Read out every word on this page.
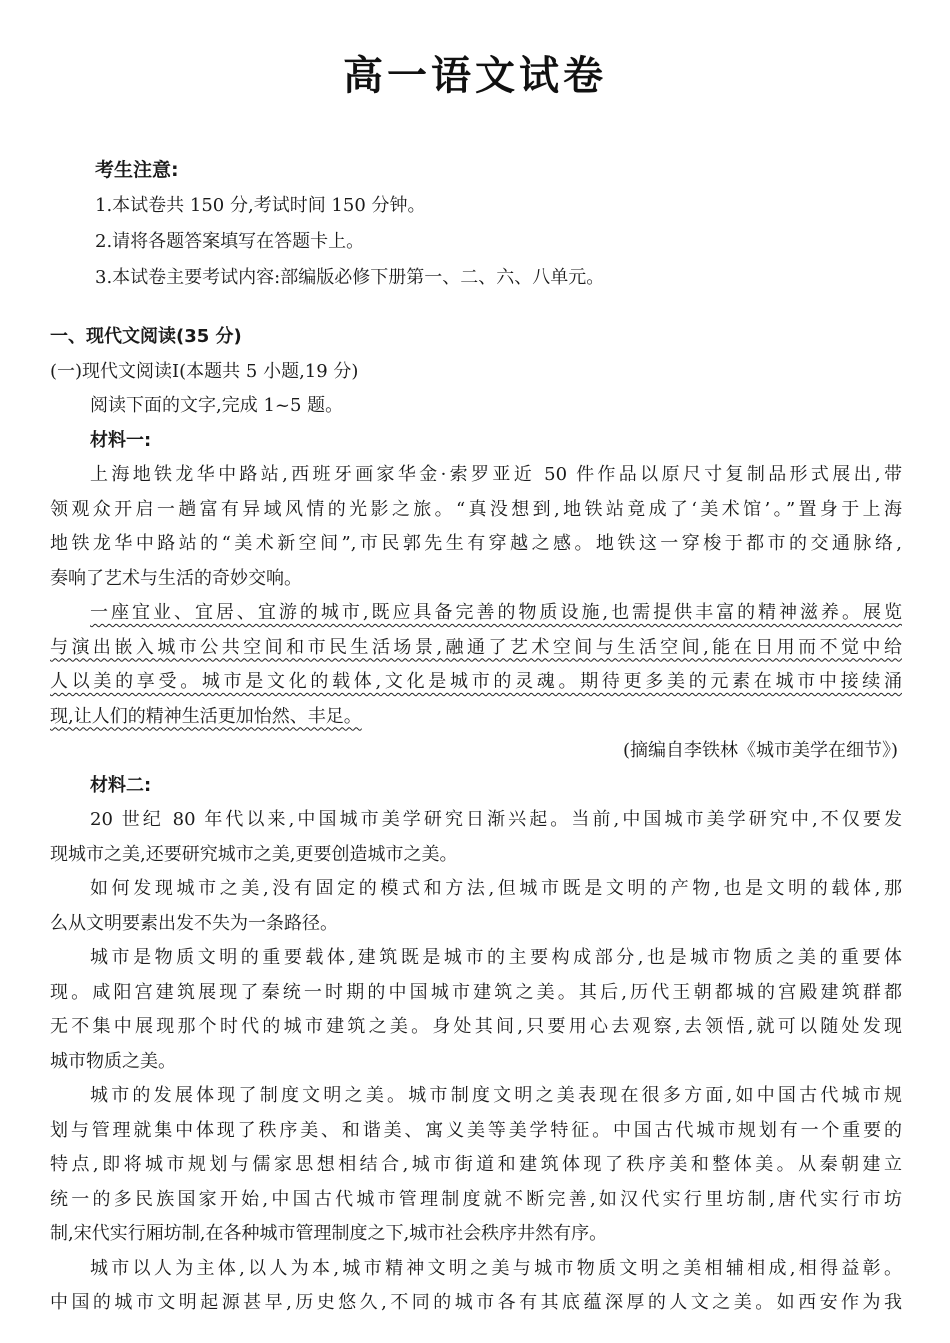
高一语文试卷
考生注意:
1.本试卷共 150 分,考试时间 150 分钟。
2.请将各题答案填写在答题卡上。
3.本试卷主要考试内容:部编版必修下册第一、二、六、八单元。
一、现代文阅读(35 分)
(一)现代文阅读Ⅰ(本题共 5 小题,19 分)
阅读下面的文字,完成 1~5 题。
材料一:
上海地铁龙华中路站,西班牙画家华金·索罗亚近 50 件作品以原尺寸复制品形式展出,带
领观众开启一趟富有异域风情的光影之旅。“真没想到,地铁站竟成了‘美术馆’。”置身于上海
地铁龙华中路站的“美术新空间”,市民郭先生有穿越之感。地铁这一穿梭于都市的交通脉络,
奏响了艺术与生活的奇妙交响。
一座宜业、宜居、宜游的城市,既应具备完善的物质设施,也需提供丰富的精神滋养。展览
与演出嵌入城市公共空间和市民生活场景,融通了艺术空间与生活空间,能在日用而不觉中给
人以美的享受。城市是文化的载体,文化是城市的灵魂。期待更多美的元素在城市中接续涌
现,让人们的精神生活更加怡然、丰足。
(摘编自李铁林《城市美学在细节》)
材料二:
20 世纪 80 年代以来,中国城市美学研究日渐兴起。当前,中国城市美学研究中,不仅要发
现城市之美,还要研究城市之美,更要创造城市之美。
如何发现城市之美,没有固定的模式和方法,但城市既是文明的产物,也是文明的载体,那
么从文明要素出发不失为一条路径。
城市是物质文明的重要载体,建筑既是城市的主要构成部分,也是城市物质之美的重要体
现。咸阳宫建筑展现了秦统一时期的中国城市建筑之美。其后,历代王朝都城的宫殿建筑群都
无不集中展现那个时代的城市建筑之美。身处其间,只要用心去观察,去领悟,就可以随处发现
城市物质之美。
城市的发展体现了制度文明之美。城市制度文明之美表现在很多方面,如中国古代城市规
划与管理就集中体现了秩序美、和谐美、寓义美等美学特征。中国古代城市规划有一个重要的
特点,即将城市规划与儒家思想相结合,城市街道和建筑体现了秩序美和整体美。从秦朝建立
统一的多民族国家开始,中国古代城市管理制度就不断完善,如汉代实行里坊制,唐代实行市坊
制,宋代实行厢坊制,在各种城市管理制度之下,城市社会秩序井然有序。
城市以人为主体,以人为本,城市精神文明之美与城市物质文明之美相辅相成,相得益彰。
中国的城市文明起源甚早,历史悠久,不同的城市各有其底蕴深厚的人文之美。如西安作为我
